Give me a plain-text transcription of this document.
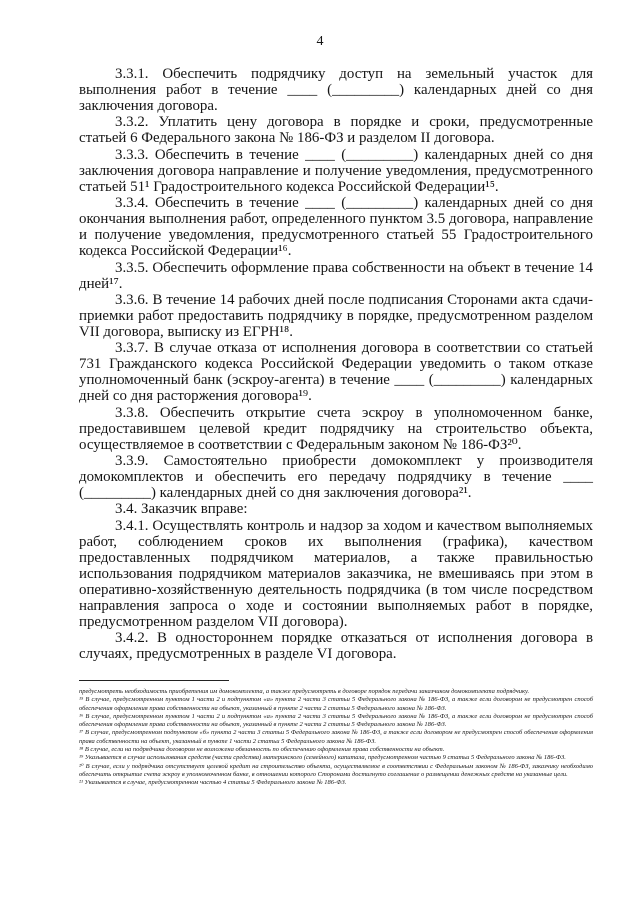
4

3.3.1. Обеспечить подрядчику доступ на земельный участок для выполнения работ в течение ____ (_________) календарных дней со дня заключения договора.

3.3.2. Уплатить цену договора в порядке и сроки, предусмотренные статьей 6 Федерального закона № 186-ФЗ и разделом II договора.

3.3.3. Обеспечить в течение ____ (_________) календарных дней со дня заключения договора направление и получение уведомления, предусмотренного статьей 51¹ Градостроительного кодекса Российской Федерации¹⁵.

3.3.4. Обеспечить в течение ____ (_________) календарных дней со дня окончания выполнения работ, определенного пунктом 3.5 договора, направление и получение уведомления, предусмотренного статьей 55 Градостроительного кодекса Российской Федерации¹⁶.

3.3.5. Обеспечить оформление права собственности на объект в течение 14 дней¹⁷.

3.3.6. В течение 14 рабочих дней после подписания Сторонами акта сдачи-приемки работ предоставить подрядчику в порядке, предусмотренном разделом VII договора, выписку из ЕГРН¹⁸.

3.3.7. В случае отказа от исполнения договора в соответствии со статьей 731 Гражданского кодекса Российской Федерации уведомить о таком отказе уполномоченный банк (эскроу-агента) в течение ____ (_________) календарных дней со дня расторжения договора¹⁹.

3.3.8. Обеспечить открытие счета эскроу в уполномоченном банке, предоставившем целевой кредит подрядчику на строительство объекта, осуществляемое в соответствии с Федеральным законом № 186-ФЗ²⁰.

3.3.9. Самостоятельно приобрести домокомплект у производителя домокомплектов и обеспечить его передачу подрядчику в течение ____ (_________) календарных дней со дня заключения договора²¹.

3.4. Заказчик вправе:

3.4.1. Осуществлять контроль и надзор за ходом и качеством выполняемых работ, соблюдением сроков их выполнения (графика), качеством предоставленных подрядчиком материалов, а также правильностью использования подрядчиком материалов заказчика, не вмешиваясь при этом в оперативно-хозяйственную деятельность подрядчика (в том числе посредством направления запроса о ходе и состоянии выполняемых работ в порядке, предусмотренном разделом VII договора).

3.4.2. В одностороннем порядке отказаться от исполнения договора в случаях, предусмотренных в разделе VI договора.

предусмотреть необходимость приобретения им домокомплекта, а также предусмотреть в договоре порядок передачи заказчиком домокомплекта подрядчику.

¹⁵ В случае, предусмотренном пунктом 1 части 2 и подпунктом «а» пункта 2 части 3 статьи 5 Федерального закона № 186-ФЗ, а также если договором не предусмотрен способ обеспечения оформления права собственности на объект, указанный в пункте 2 части 2 статьи 5 Федерального закона № 186-ФЗ.

¹⁶ В случае, предусмотренном пунктом 1 части 2 и подпунктом «а» пункта 2 части 3 статьи 5 Федерального закона № 186-ФЗ, а также если договором не предусмотрен способ обеспечения оформления права собственности на объект, указанный в пункте 2 части 2 статьи 5 Федерального закона № 186-ФЗ.

¹⁷ В случае, предусмотренном подпунктом «б» пункта 2 части 3 статьи 5 Федерального закона № 186-ФЗ, а также если договором не предусмотрен способ обеспечения оформления права собственности на объект, указанный в пункте 1 части 2 статьи 5 Федерального закона № 186-ФЗ.

¹⁸ В случае, если на подрядчика договором не возложена обязанность по обеспечению оформления права собственности на объект.

¹⁹ Указывается в случае использования средств (части средства) материнского (семейного) капитала, предусмотренном частью 9 статьи 5 Федерального закона № 186-ФЗ.

²⁰ В случае, если у подрядчика отсутствует целевой кредит на строительство объекта, осуществляемое в соответствии с Федеральным законом № 186-ФЗ, заказчику необходимо обеспечить открытие счета эскроу в уполномоченном банке, в отношении которого Сторонами достигнуто соглашение о размещении денежных средств на указанные цели.

²¹ Указывается в случае, предусмотренном частью 4 статьи 5 Федерального закона № 186-ФЗ.
